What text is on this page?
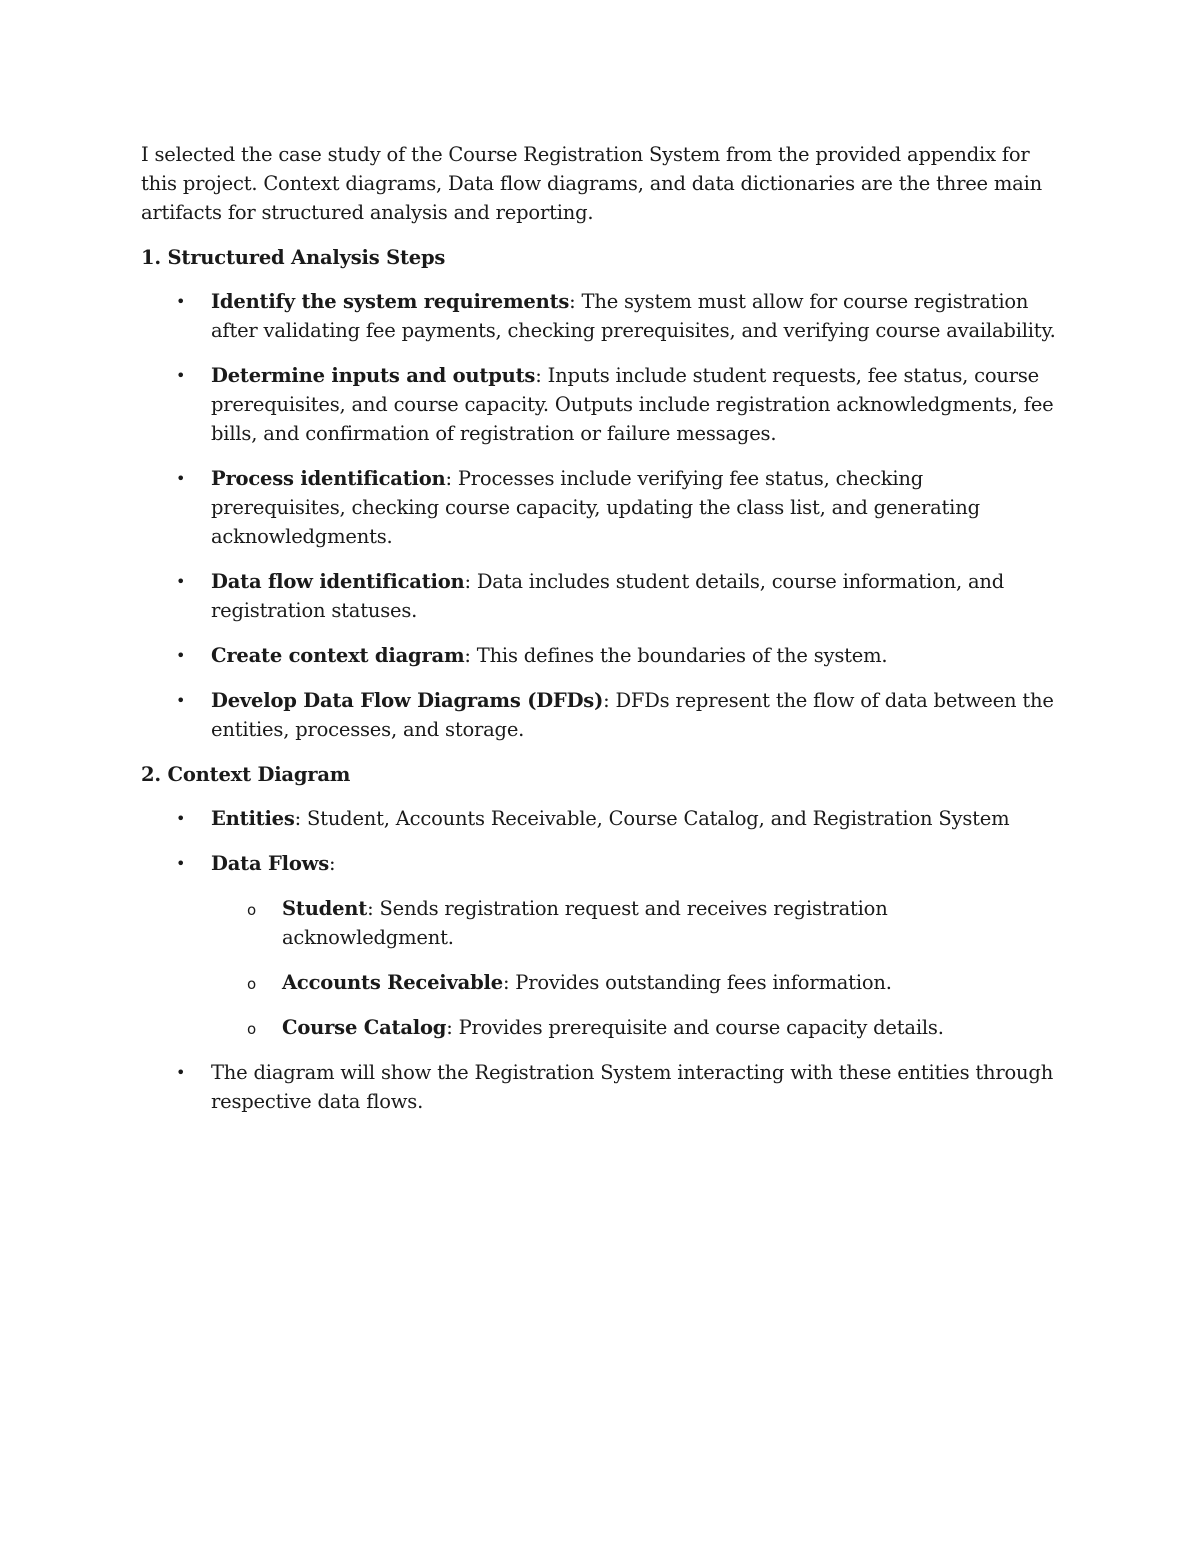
I selected the case study of the Course Registration System from the provided appendix for this project. Context diagrams, Data flow diagrams, and data dictionaries are the three main artifacts for structured analysis and reporting.

1. Structured Analysis Steps
• Identify the system requirements: The system must allow for course registration after validating fee payments, checking prerequisites, and verifying course availability.
• Determine inputs and outputs: Inputs include student requests, fee status, course prerequisites, and course capacity. Outputs include registration acknowledgments, fee bills, and confirmation of registration or failure messages.
• Process identification: Processes include verifying fee status, checking prerequisites, checking course capacity, updating the class list, and generating acknowledgments.
• Data flow identification: Data includes student details, course information, and registration statuses.
• Create context diagram: This defines the boundaries of the system.
• Develop Data Flow Diagrams (DFDs): DFDs represent the flow of data between the entities, processes, and storage.
2. Context Diagram
• Entities: Student, Accounts Receivable, Course Catalog, and Registration System
• Data Flows:
o Student: Sends registration request and receives registration acknowledgment.
o Accounts Receivable: Provides outstanding fees information.
o Course Catalog: Provides prerequisite and course capacity details.
• The diagram will show the Registration System interacting with these entities through respective data flows.
